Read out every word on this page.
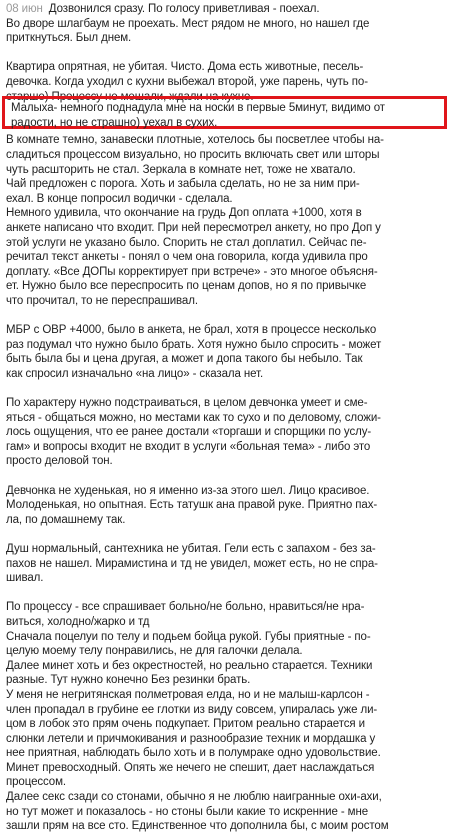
08 июн Дозвонился сразу. По голосу приветливая - поехал.

Во дворе шлагбаум не проехать. Мест рядом не много, но нашел где
приткнуться. Был днем.

Квартира опрятная, не убитая. Чисто. Дома есть животные, песель-
девочка. Когда уходил с кухни выбежал второй, уже парень, чуть по-
старше) Процессу не мешали, ждали на кухне.

В комнате темно, занавески плотные, хотелось бы посветлее чтобы на-
сладиться процессом визуально, но просить включать свет или шторы
чуть расшторить не стал. Зеркала в комнате нет, тоже не хватало.
Чай предложен с порога. Хоть и забыла сделать, но не за ним при-
ехал. В конце попросил водички - сделала.
Немного удивила, что окончание на грудь Доп оплата +1000, хотя в
анкете написано что входит. При ней пересмотрел анкету, но про Доп у
этой услуги не указано было. Спорить не стал доплатил. Сейчас пе-
речитал текст анкеты - понял о чем она говорила, когда удивила про
доплату. «Все ДОПы корректирует при встрече» - это многое объясня-
ет. Нужно было все переспросить по ценам допов, но я по привычке
что прочитал, то не переспрашивал.

МБР с ОВР +4000, было в анкета, не брал, хотя в процессе несколько
раз подумал что нужно было брать. Хотя нужно было спросить - может
быть была бы и цена другая, а может и допа такого бы небыло. Так
как спросил изначально «на лицо» - сказала нет.

По характеру нужно подстраиваться, в целом девчонка умеет и сме-
яться - общаться можно, но местами как то сухо и по деловому, сложи-
лось ощущения, что ее ранее достали «торгаши и спорщики по услу-
гам» и вопросы входит не входит в услуги «больная тема» - либо это
просто деловой тон.

Девчонка не худенькая, но я именно из-за этого шел. Лицо красивое.
Молоденькая, но опытная. Есть татушк ана правой руке. Приятно пах-
ла, по домашнему так.

Душ нормальный, сантехника не убитая. Гели есть с запахом - без за-
пахов не нашел. Мирамистина и тд не увидел, может есть, но не спра-
шивал.

По процессу - все спрашивает больно/не больно, нравиться/не нра-
виться, холодно/жарко и тд
Сначала поцелуи по телу и подьем бойца рукой. Губы приятные - по-
целую моему телу понравились, не для галочки делала.
Далее минет хоть и без окрестностей, но реально старается. Техники
разные. Тут нужно конечно Без резинки брать.
У меня не негритянская полметровая елда, но и не малыш-карлсон -
член пропадал в грубине ее глотки из виду совсем, упиралась уже ли-
цом в лобок это прям очень подкупает. Притом реально старается и
слюнки летели и причмокивания и разнообразие техник и мордашка у
нее приятная, наблюдать было хоть и в полумраке одно удовольствие.
Минет превосходный. Опять же нечего не спешит, дает наслаждаться
процессом.
Далее секс сзади со стонами, обычно я не люблю наигранные охи-ахи,
но тут может и показалось - но стоны были какие то искренние - мне
зашли прям на все сто. Единственное что дополнила бы, с моим ростом

Малыха- немного поднадула мне на носки в первые 5минут, видимо от
радости, но не страшно) уехал в сухих.
